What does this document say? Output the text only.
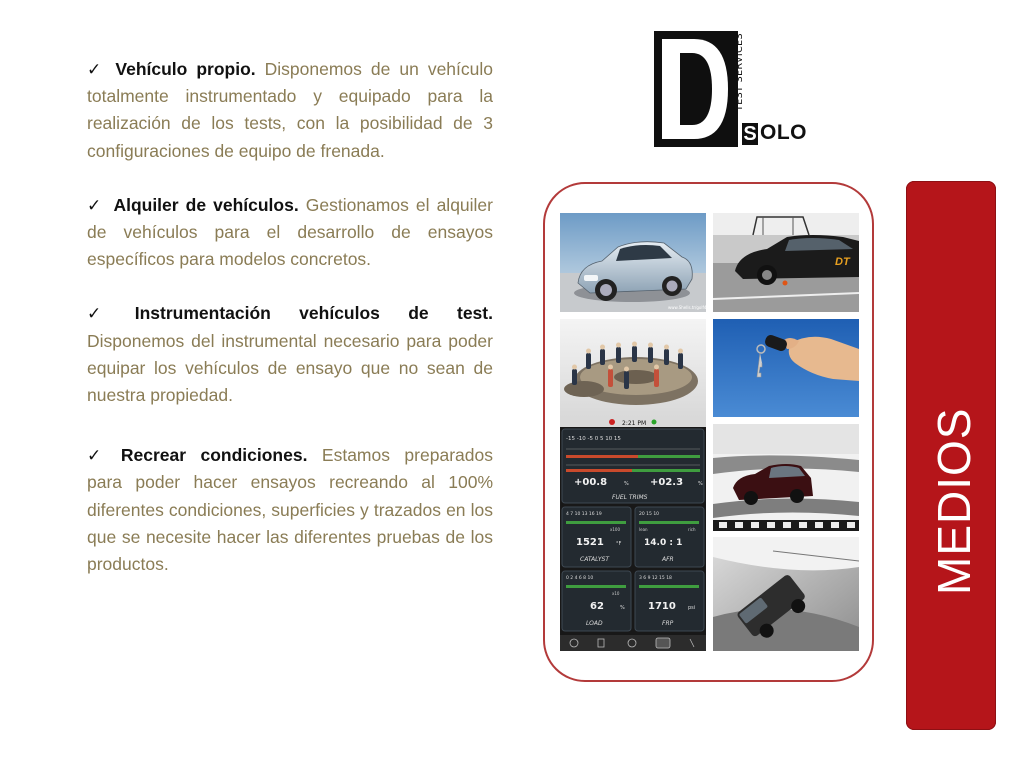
✓ Vehículo propio. Disponemos de un vehículo totalmente instrumentado y equipado para la realización de los tests, con la posibilidad de 3 configuraciones de equipo de frenada.

✓ Alquiler de vehículos. Gestionamos el alquiler de vehículos para el desarrollo de ensayos específicos para modelos concretos.

✓ Instrumentación vehículos de test. Disponemos del instrumental necesario para poder equipar los vehículos de ensayo que no sean de nuestra propiedad.

✓ Recrear condiciones. Estamos preparados para poder hacer ensayos recreando al 100% diferentes condiciones, superficies y trazados en los que se necesite hacer las diferentes pruebas de los productos.

TEST SERVICES
S OLO
www.Shells.tr/golf4
DT
2:21 PM
-15 -10 -5 0 5 10 15
+00.8	% +02.3	%
FUEL TRIMS
4 7 10 13 16 19
x100
1521 °F
CATALYST
20 15 10
lean	rich
14.0 : 1
AFR
0 2 4 6 8 10
x10
62	%
LOAD
3 6 9 12 15 18
1710 psi
FRP
MEDIOS
